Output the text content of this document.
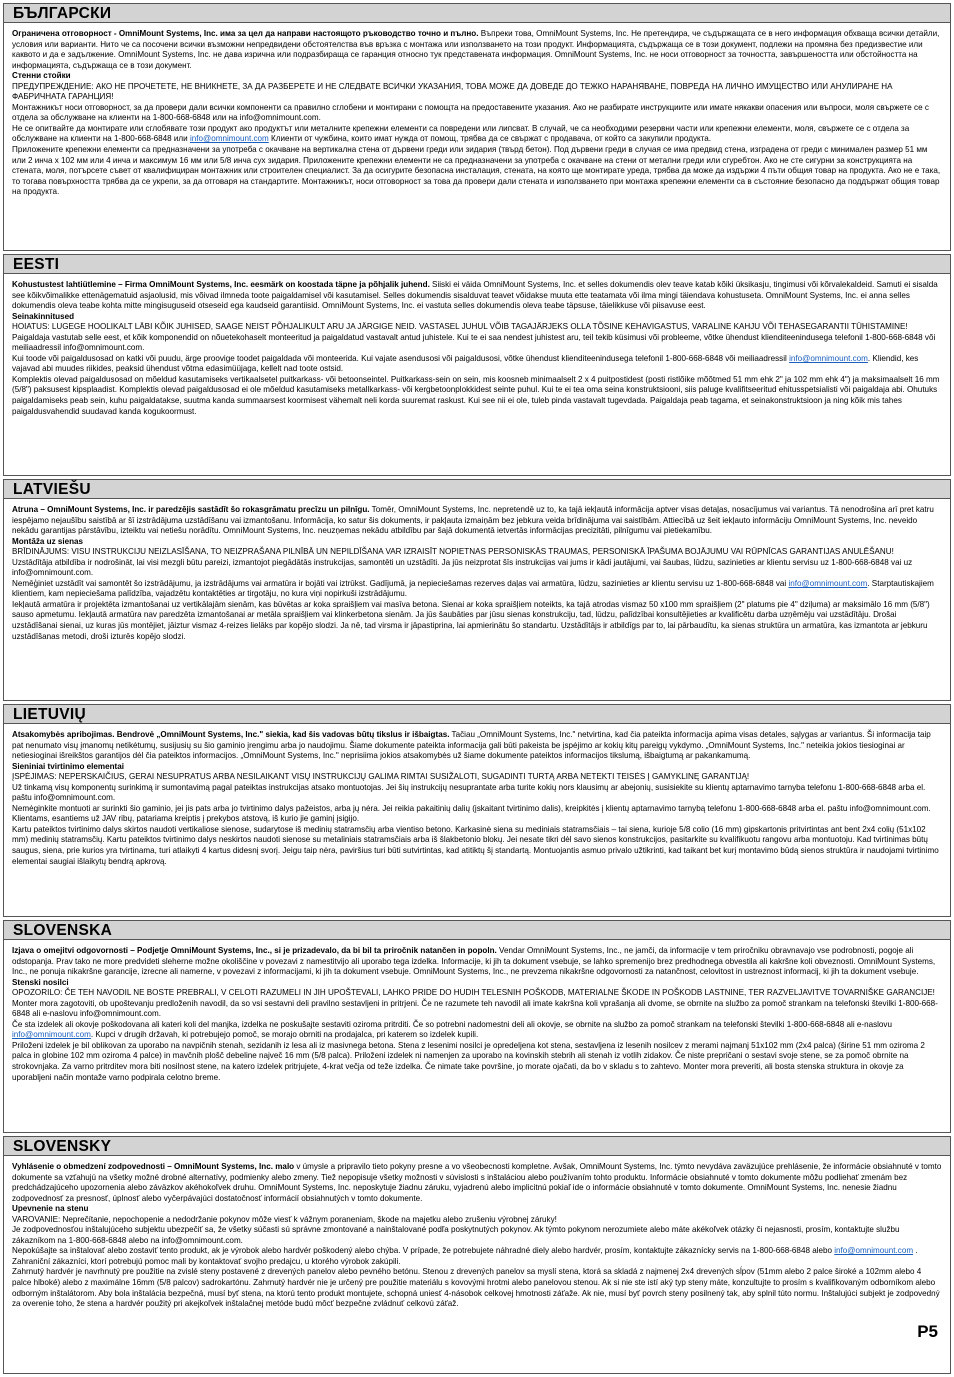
БЪЛГАРСКИ

Ограничена отговорност - OmniMount Systems, Inc. има за цел да направи настоящото ръководство точно и пълно. Въпреки това, OmniMount Systems, Inc. Не претендира, че съдържащата се в него информация обхваща всички детайли, условия или варианти. Нито че са посочени всички възможни непредвидени обстоятелства във връзка с монтажа или използването на този продукт. Информацията, съдържаща се в този документ, подлежи на промяна без предизвестие или каквото и да е задължение. OmniMount Systems, Inc. не дава изрична или подразбираща се гаранция относно тук представената информация. OmniMount Systems, Inc. не носи отговорност за точността, завършеността или обстойността на информацията, съдържаща се в този документ.

Стенни стойки

ПРЕДУПРЕЖДЕНИЕ: АКО НЕ ПРОЧЕТЕТЕ, НЕ ВНИКНЕТЕ, ЗА ДА РАЗБЕРЕТЕ И НЕ СЛЕДВАТЕ ВСИЧКИ УКАЗАНИЯ, ТОВА МОЖЕ ДА ДОВЕДЕ ДО ТЕЖКО НАРАНЯВАНЕ, ПОВРЕДА НА ЛИЧНО ИМУЩЕСТВО ИЛИ АНУЛИРАНЕ НА ФАБРИЧНАТА ГАРАНЦИЯ!

Монтажникът носи отговорност, за да провери дали всички компоненти са правилно сглобени и монтирани с помощта на предоставените указания. Ако не разбирате инструкциите или имате някакви опасения или въпроси, моля свържете се с отдела за обслужване на клиенти на 1-800-668-6848 или на info@omnimount.com.

Не се опитвайте да монтирате или сглобявате този продукт ако продуктът или металните крепежни елементи са повредени или липсват. В случай, че са необходими резервни части или крепежни елементи, моля, свържете се с отдела за обслужване на клиенти на 1-800-668-6848 или info@omnimount.com Клиенти от чужбина, които имат нужда от помощ, трябва да се свържат с продавача, от който са закупили продукта.

Приложените крепежни елементи са предназначени за употреба с окачване на вертикална стена от дървени греди или зидария (твърд бетон). Под дървени греди в случая се има предвид стена, изградена от греди с минимален размер 51 мм или 2 инча х 102 мм или 4 инча и максимум 16 мм или 5/8 инча сух зидария. Приложените крепежни елементи не са предназначени за употреба с окачване на стени от метални греди или сгуребтон. Ако не сте сигурни за конструкцията на стената, моля, потърсете съвет от квалифициран монтажник или строителен специалист. За да осигурите безопасна инсталация, стената, на която ще монтирате уреда, трябва да може да издържи 4 пъти общия товар на продукта. Ако не е така, то тогава повърхността трябва да се укрепи, за да отговаря на стандартите. Монтажникът, носи отговорност за това да провери дали стената и използването при монтажа крепежни елементи са в състояние безопасно да поддържат общия товар на продукта.

EESTI

Kohustustest lahtiütlemine – Firma OmniMount Systems, Inc. eesmärk on koostada täpne ja põhjalik juhend. Siiski ei väida OmniMount Systems, Inc. et selles dokumendis olev teave katab kõiki üksikasju, tingimusi või kõrvalekaldeid. Samuti ei sisalda see kõikvõimalikke ettenägematuid asjaolusid, mis võivad ilmneda toote paigaldamisel või kasutamisel. Selles dokumendis sisalduvat teavet võidakse muuta ette teatamata või ilma mingi täiendava kohustuseta. OmniMount Systems, Inc. ei anna selles dokumendis oleva teabe kohta mitte mingisuguseid otseseid ega kaudseid garantiisid. OmniMount Systems, Inc. ei vastuta selles dokumendis oleva teabe täpsuse, täielikkuse või piisavuse eest.

Seinakinnitused

HOIATUS: LUGEGE HOOLIKALT LÄBI KÕIK JUHISED, SAAGE NEIST PÕHJALIKULT ARU JA JÄRGIGE NEID. VASTASEL JUHUL VÕIB TAGAJÄRJEKS OLLA TÕSINE KEHAVIGASTUS, VARALINE KAHJU VÕI TEHASEGARANTII TÜHISTAMINE!

Paigaldaja vastutab selle eest, et kõik komponendid on nõuetekohaselt monteeritud ja paigaldatud vastavalt antud juhistele. Kui te ei saa nendest juhistest aru, teil tekib küsimusi või probleeme, võtke ühendust klienditeenindusega telefonil 1-800-668-6848 või meiliaadressil info@omnimount.com.

Kui toode või paigaldusosad on katki või puudu, ärge proovige toodet paigaldada või monteerida. Kui vajate asendusosi või paigaldusosi, võtke ühendust klienditeenindusega telefonil 1-800-668-6848 või meiliaadressil info@omnimount.com. Kliendid, kes vajavad abi muudes riikides, peaksid ühendust võtma edasimüüjaga, kellelt nad toote ostsid.

Komplektis olevad paigaldusosad on mõeldud kasutamiseks vertikaalsetel puitkarkass- või betoonseintel. Puitkarkass-sein on sein, mis koosneb minimaalselt 2 x 4 puitpostidest (posti ristlõike mõõtmed 51 mm ehk 2" ja 102 mm ehk 4") ja maksimaalselt 16 mm (5/8") paksusest kipsplaadist. Komplektis olevad paigaldusosad ei ole mõeldud kasutamiseks metallkarkass- või kergbetoonplokkidest seinte puhul. Kui te ei tea oma seina konstruktsiooni, siis paluge kvalifitseeritud ehitusspetsialisti või paigaldaja abi. Ohutuks paigaldamiseks peab sein, kuhu paigaldatakse, suutma kanda summaarsest koormisest vähemalt neli korda suuremat raskust. Kui see nii ei ole, tuleb pinda vastavalt tugevdada. Paigaldaja peab tagama, et seinakonstruktsioon ja ning kõik mis tahes paigaldusvahendid suudavad kanda kogukoormust.

LATVIEŠU

Atruna – OmniMount Systems, Inc. ir paredzējis sastādīt šo rokasgrāmatu precīzu un pilnīgu. Tomēr, OmniMount Systems, Inc. nepretendē uz to, ka tajā iekļautā informācija aptver visas detaļas, nosacījumus vai variantus. Tā nenodrošina arī pret katru iespējamo nejaušību saistībā ar šī izstrādājuma uzstādīšanu vai izmantošanu. Informācija, ko satur šis dokuments, ir pakļauta izmaiņām bez jebkura veida brīdinājuma vai saistībām. Attiecībā uz šeit iekļauto informāciju OmniMount Systems, Inc. neveido nekādu garantijas pārstāvību, izteiktu vai netiešu norādītu. OmniMount Systems, Inc. neuzņemas nekādu atbildību par šajā dokumentā ietvertās informācijas precizitāti, pilnīgumu vai pietiekamību.

Montāža uz sienas

BRĪDINĀJUMS: VISU INSTRUKCIJU NEIZLASĪŠANA, TO NEIZPRAŠANA PILNĪBĀ UN NEPILDĪŠANA VAR IZRAISĪT NOPIETNAS PERSONISKĀS TRAUMAS, PERSONISKĀ ĪPAŠUMA BOJĀJUMU VAI RŪPNĪCAS GARANTIJAS ANULĒŠANU!

Uzstādītāja atbildība ir nodrošināt, lai visi mezgli būtu pareizi, izmantojot piegādātās instrukcijas, samontēti un uzstādīti. Ja jūs neizprotat šīs instrukcijas vai jums ir kādi jautājumi, vai šaubas, lūdzu, sazinieties ar klientu servisu uz 1-800-668-6848 vai uz info@omnimount.com.

Nemēģiniet uzstādīt vai samontēt šo izstrādājumu, ja izstrādājums vai armatūra ir bojāti vai iztrūkst. Gadījumā, ja nepieciešamas rezerves daļas vai armatūra, lūdzu, sazinieties ar klientu servisu uz 1-800-668-6848 vai info@omnimount.com. Starptautiskajiem klientiem, kam nepieciešama palīdzība, vajadzētu kontaktēties ar tirgotāju, no kura viņi nopirkuši izstrādājumu.

Iekļautā armatūra ir projektēta izmantošanai uz vertikālajām sienām, kas būvētas ar koka spraišļiem vai masīva betona. Sienai ar koka spraišļiem noteikts, ka tajā atrodas vismaz 50 x100 mm spraišļiem (2" platums pie 4" dziļuma) ar maksimālo 16 mm (5/8") sauso apmetumu. Iekļautā armatūra nav paredzēta izmantošanai ar metāla spraišļiem vai klinkerbetona sienām. Ja jūs šaubāties par jūsu sienas konstrukciju, tad, lūdzu, palīdzībai konsultējieties ar kvalificētu darba uzņēmēju vai uzstādītāju. Drošai uzstādīšanai sienai, uz kuras jūs montējiet, jāiztur vismaz 4-reizes lielāks par kopējo slodzi. Ja nē, tad virsma ir jāpastiprina, lai apmierinātu šo standartu. Uzstādītājs ir atbildīgs par to, lai pārbaudītu, ka sienas struktūra un armatūra, kas izmantota ar jebkuru uzstādīšanas metodi, droši izturēs kopējo slodzi.

LIETUVIŲ

Atsakomybės apribojimas. Bendrovė „OmniMount Systems, Inc." siekia, kad šis vadovas būtų tikslus ir išbaigtas. Tačiau „OmniMount Systems, Inc." netvirtina, kad čia pateikta informacija apima visas detales, sąlygas ar variantus. Ši informacija taip pat nenumato visų įmanomų netikėtumų, susijusių su šio gaminio įrengimu arba jo naudojimu. Šiame dokumente pateikta informacija gali būti pakeista be įspėjimo ar kokių kitų pareigų vykdymo. „OmniMount Systems, Inc." neteikia jokios tiesioginai ar netiesioginai išreikštos garantijos dėl čia pateiktos informacijos. „OmniMount Systems, Inc." neprisiima jokios atsakomybės už šiame dokumente pateiktos informacijos tikslumą, išbaigtumą ar pakankamumą.

Sieniniai tvirtinimo elementai

ĮSPĖJIMAS: NEPERSKAIČIUS, GERAI NESUPRATUS ARBA NESILAIKANT VISŲ INSTRUKCIJŲ GALIMA RIMTAI SUSIŽALOTI, SUGADINTI TURTĄ ARBA NETEKTI TEISĖS Į GAMYKLINĘ GARANTIJĄ!

Už tinkamą visų komponentų surinkimą ir sumontavimą pagal pateiktas instrukcijas atsako montuotojas. Jei šių instrukcijų nesuprantate arba turite kokių nors klausimų ar abejonių, susisiekite su klientų aptarnavimo tarnyba telefonu 1-800-668-6848 arba el. paštu info@omnimount.com.

Nemėginkite montuoti ar surinkti šio gaminio, jei jis pats arba jo tvirtinimo dalys pažeistos, arba jų nėra. Jei reikia pakaitinių dalių (įskaitant tvirtinimo dalis), kreipkitės į klientų aptarnavimo tarnybą telefonu 1-800-668-6848 arba el. paštu info@omnimount.com. Klientams, esantiems už JAV ribų, patariama kreiptis į prekybos atstovą, iš kurio jie gaminį įsigijo.

Kartu pateiktos tvirtinimo dalys skirtos naudoti vertikaliose sienose, sudarytose iš medinių statramsčių arba vientiso betono. Karkasinė siena su mediniais statramsčiais – tai siena, kurioje 5/8 colio (16 mm) gipskartonis pritvirtintas ant bent 2x4 colių (51x102 mm) medinių statramsčių. Kartu pateiktos tvirtinimo dalys neskirtos naudoti sienose su metaliniais statramsčiais arba iš šlakbetonio blokų. Jei nesate tikri dėl savo sienos konstrukcijos, pasitarkite su kvalifikuotu rangovu arba montuotoju. Kad tvirtinimas būtų saugus, siena, prie kurios yra tvirtinama, turi atlaikyti 4 kartus didesnį svorį. Jeigu taip nėra, paviršius turi būti sutvirtintas, kad atitiktų šį standartą. Montuojantis asmuo privalo užtikrinti, kad taikant bet kurį montavimo būdą sienos struktūra ir naudojami tvirtinimo elementai saugiai išlaikytų bendrą apkrovą.

SLOVENSKA

Izjava o omejitvi odgovornosti – Podjetje OmniMount Systems, Inc., si je prizadevalo, da bi bil ta priročnik natančen in popoln. Vendar OmniMount Systems, Inc., ne jamči, da informacije v tem priročniku obravnavajo vse podrobnosti, pogoje ali odstopanja. Prav tako ne more predvideti slehernе možne okoliščine v povezavi z namestitvijo ali uporabo tega izdelka. Informacije, ki jih ta dokument vsebuje, se lahko spremenijo brez predhodnega obvestila ali kakršne koli obveznosti. OmniMount Systems, Inc., ne ponuja nikakršne garancije, izrecne ali namerne, v povezavi z informacijami, ki jih ta dokument vsebuje. OmniMount Systems, Inc., ne prevzema nikakršne odgovornosti za natančnost, celovitost in ustreznost informacij, ki jih ta dokument vsebuje.

Stenski nosilci

OPOZORILO: ČE TEH NAVODIL NE BOSTE PREBRALI, V CELOTI RAZUMELI IN JIH UPOŠTEVALI, LAHKO PRIDE DO HUDIH TELESNIH POŠKODB, MATERIALNE ŠKODE IN POŠKODB LASTNINE, TER RAZVELJAVITVE TOVARNIŠKE GARANCIJE!

Monter mora zagotoviti, ob upoštevanju predloženih navodil, da so vsi sestavni deli pravilno sestavljeni in pritrjeni. Če ne razumete teh navodil ali imate kakršna koli vprašanja ali dvome, se obrnite na službo za pomoč strankam na telefonski številki 1-800-668-6848 ali e-naslovu info@omnimount.com.

Če sta izdelek ali okovje poškodovana ali kateri koli del manjka, izdelka ne poskušajte sestaviti oziroma pritrditi. Če so potrebni nadomestni deli ali okovje, se obrnite na službo za pomoč strankam na telefonski številki 1-800-668-6848 ali e-naslovu info@omnimount.com. Kupci v drugih državah, ki potrebujejo pomoč, se morajo obrniti na prodajalca, pri katerem so izdelek kupili.

Priloženi izdelek je bil oblikovan za uporabo na navpičnih stenah, sezidanih iz lesa ali iz masivnega betona. Stena z lesenimi nosilci je opredeljena kot stena, sestavljena iz lesenih nosilcev z merami najmanj 51x102 mm (2x4 palca) (širine 51 mm oziroma 2 palca in globine 102 mm oziroma 4 palce) in mavčnih plošč debeline največ 16 mm (5/8 palca). Priloženi izdelek ni namenjen za uporabo na kovinskih stebrih ali stenah iz votlih zidakov. Če niste prepričani o sestavi svoje stene, se za pomoč obrnite na strokovnjaka. Za varno pritrditev mora biti nosilnost stene, na katero izdelek pritrjujete, 4-krat večja od teže izdelka. Če nimate take površine, jo morate ojačati, da bo v skladu s to zahtevo. Monter mora preveriti, ali bosta stenska struktura in okovje za uporabljeni način montaže varno podpirala celotno breme.

SLOVENSKY

Vyhlásenie o obmedzení zodpovednosti – OmniMount Systems, Inc. malo v úmysle a pripravilo tieto pokyny presne a vo všeobecnosti kompletne. Avšak, OmniMount Systems, Inc. týmto nevydáva zaväzujúce prehlásenie, že informácie obsiahnuté v tomto dokumente sa vzťahujú na všetky možné drobné alternatívy, podmienky alebo zmeny. Tiež nepopisuje všetky možnosti v súvislosti s inštaláciou alebo používaním tohto produktu. Informácie obsiahnuté v tomto dokumente môžu podliehať zmenám bez predchádzajúceho upozornenia alebo záväzkov akéhokoľvek druhu. OmniMount Systems, Inc. neposkytuje žiadnu záruku, vyjadrenú alebo implicitnú pokiaľ ide o informácie obsiahnuté v tomto dokumente. OmniMount Systems, Inc. nenesie žiadnu zodpovednosť za presnosť, úplnosť alebo vyčerpávajúci dostatočnosť informácií obsiahnutých v tomto dokumente.

Upevnenie na stenu

VAROVANIE: Neprečítanie, nepochopenie a nedodržanie pokynov môže viesť k vážnym poraneniam, škode na majetku alebo zrušeniu výrobnej záruky!

Je zodpovednosťou inštalujúceho subjektu ubezpečiť sa, že všetky súčasti sú správne zmontované a nainštalované podľa poskytnutých pokynov. Ak týmto pokynom nerozumiete alebo máte akékoľvek otázky či nejasnosti, prosím, kontaktujte službu zákazníkom na 1-800-668-6848 alebo na info@omnimount.com.

Nepokúšajte sa inštalovať alebo zostaviť tento produkt, ak je výrobok alebo hardvér poškodený alebo chýba. V prípade, že potrebujete náhradné diely alebo hardvér, prosím, kontaktujte zákaznícky servis na 1-800-668-6848 alebo info@omnimount.com . Zahraniční zákazníci, ktorí potrebujú pomoc mali by kontaktovať svojho predajcu, u ktorého výrobok zakúpili.

Zahrnutý hardvér je navrhnutý pre použitie na zvislé steny postavené z drevených panelov alebo pevného betónu. Stenou z drevených panelov sa myslí stena, ktorá sa skladá z najmenej 2x4 drevených sĺpov (51mm alebo 2 palce široké a 102mm alebo 4 palce hlboké) alebo z maximálne 16mm (5/8 palcov) sadrokartónu. Zahrnutý hardvér nie je určený pre použitie materiálu s kovovými hrotmi alebo panelovou stenou. Ak si nie ste istí aký typ steny máte, konzultujte to prosím s kvalifikovaným odborníkom alebo odborným inštalátorom. Aby bola inštalácia bezpečná, musí byť stena, na ktorú tento produkt montujete, schopná uniesť 4-násobok celkovej hmotnosti záťaže. Ak nie, musí byť povrch steny posilnený tak, aby splnil túto normu. Inštalujúci subjekt je zodpovedný za overenie toho, že stena a hardvér použitý pri akejkoľvek inštalačnej metóde budú môcť bezpečne zvládnuť celkovú záťaž.

P5
